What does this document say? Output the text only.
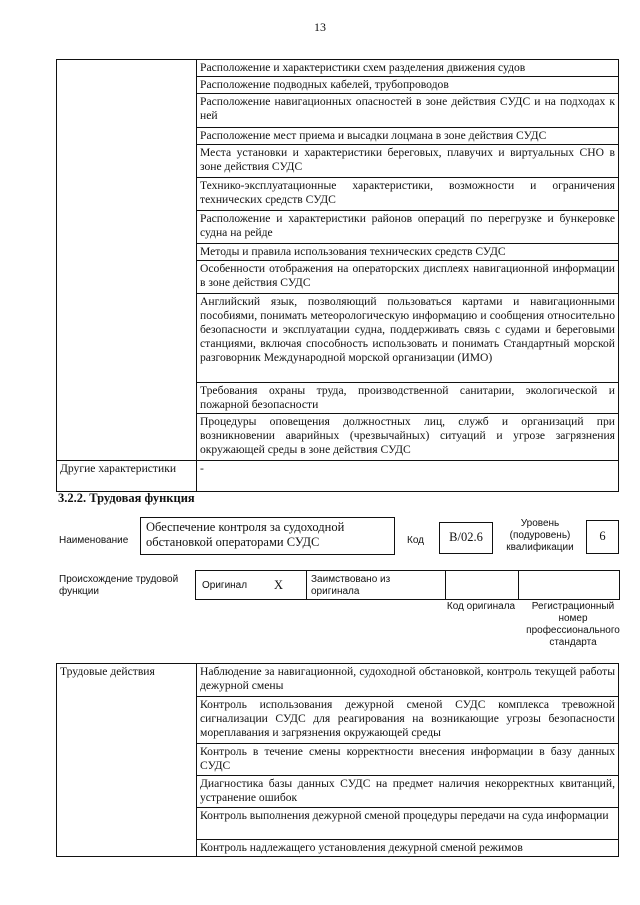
13
	Расположение и характеристики схем разделения движения судов
	Расположение подводных кабелей, трубопроводов
	Расположение навигационных опасностей в зоне действия СУДС и на подходах к ней
	Расположение мест приема и высадки лоцмана в зоне действия СУДС
	Места установки и характеристики береговых, плавучих и виртуальных СНО в зоне действия СУДС
	Технико-эксплуатационные характеристики, возможности и ограничения технических средств СУДС
	Расположение и характеристики районов операций по перегрузке и бункеровке судна на рейде
	Методы и правила использования технических средств СУДС
	Особенности отображения на операторских дисплеях навигационной информации в зоне действия СУДС
	Английский язык, позволяющий пользоваться картами и навигационными пособиями, понимать метеорологическую информацию и сообщения относительно безопасности и эксплуатации судна, поддерживать связь с судами и береговыми станциями, включая способность использовать и понимать Стандартный морской разговорник Международной морской организации (ИМО)
	Требования охраны труда, производственной санитарии, экологической и пожарной безопасности
	Процедуры оповещения должностных лиц, служб и организаций при возникновении аварийных (чрезвычайных) ситуаций и угрозе загрязнения окружающей среды в зоне действия СУДС
Другие характеристики	-
3.2.2. Трудовая функция
Наименование
Обеспечение контроля за судоходной обстановкой операторами СУДС	Код	B/02.6
Уровень (подуровень) квалификации
6
Происхождение трудовой функции
Оригинал X	Заимствовано из оригинала
Код оригинала	Регистрационный номер профессионального стандарта
Трудовые действия	Наблюдение за навигационной, судоходной обстановкой, контроль текущей работы дежурной смены
Контроль использования дежурной сменой СУДС комплекса тревожной сигнализации СУДС для реагирования на возникающие угрозы безопасности мореплавания и загрязнения окружающей среды
Контроль в течение смены корректности внесения информации в базу данных СУДС
Диагностика базы данных СУДС на предмет наличия некорректных квитанций, устранение ошибок
Контроль выполнения дежурной сменой процедуры передачи на суда информации
Контроль надлежащего установления дежурной сменой режимов
